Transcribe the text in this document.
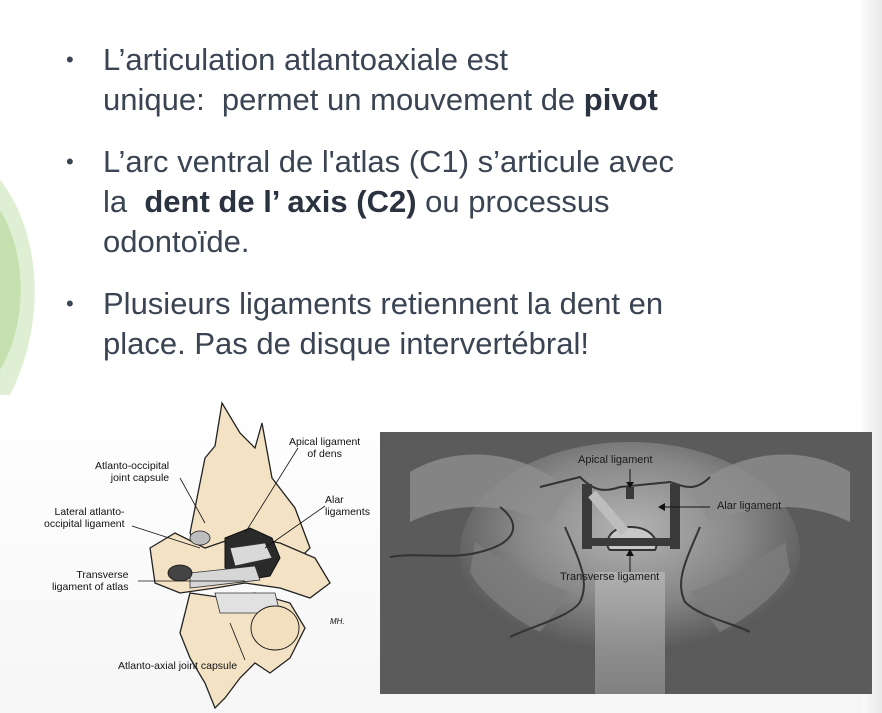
• L’articulation atlantoaxiale est
unique:  permet un mouvement de pivot
• L’arc ventral de l'atlas (C1) s’articule avec
la  dent de l’ axis (C2) ou processus
odontoïde.
• Plusieurs ligaments retiennent la dent en
place. Pas de disque intervertébral!
Apical ligament
of dens
Atlanto-occipital
joint capsule
Lateral atlanto-
occipital ligament
Alar
ligaments
Transverse
ligament of atlas
Atlanto-axial joint capsule
MH.
Apical ligament
Alar ligament
Transverse ligament
